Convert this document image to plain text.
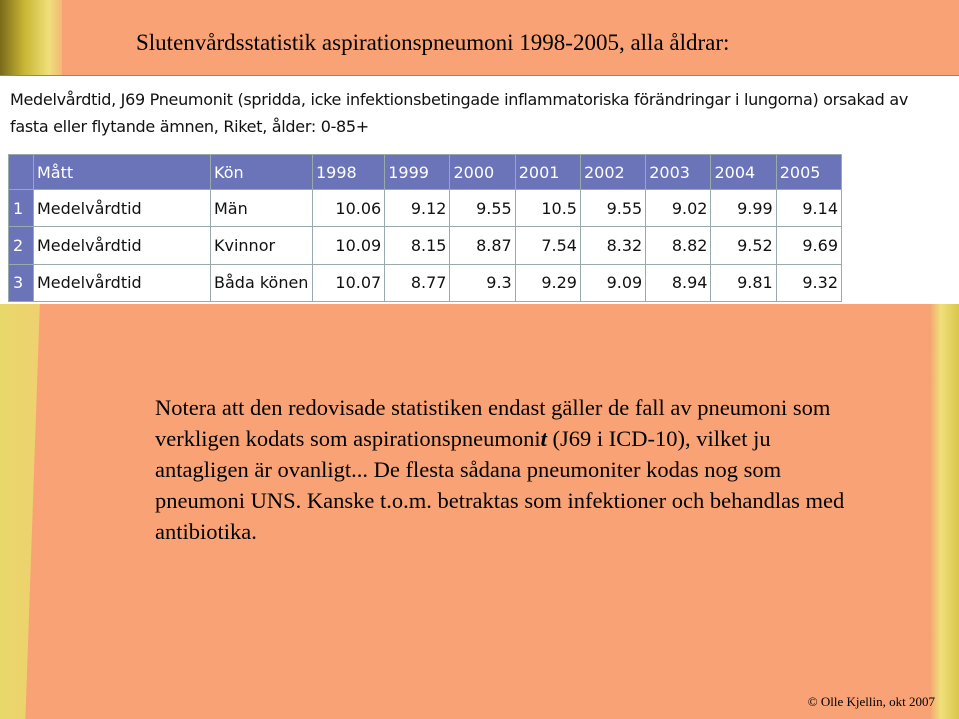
Slutenvårdsstatistik aspirationspneumoni 1998-2005, alla åldrar:
Medelvårdtid, J69 Pneumonit (spridda, icke infektionsbetingade inflammatoriska förändringar i lungorna) orsakad av
fasta eller flytande ämnen, Riket, ålder: 0-85+
	Mått	Kön	1998	1999	2000	2001	2002	2003	2004	2005
1	Medelvårdtid	Män	10.06	9.12	9.55	10.5	9.55	9.02	9.99	9.14
2	Medelvårdtid	Kvinnor	10.09	8.15	8.87	7.54	8.32	8.82	9.52	9.69
3	Medelvårdtid	Båda könen	10.07	8.77	9.3	9.29	9.09	8.94	9.81	9.32
Notera att den redovisade statistiken endast gäller de fall av pneumoni som verkligen kodats som aspirationspneumonit (J69 i ICD-10), vilket ju antagligen är ovanligt... De flesta sådana pneumoniter kodas nog som pneumoni UNS. Kanske t.o.m. betraktas som infektioner och behandlas med antibiotika.
© Olle Kjellin, okt 2007
